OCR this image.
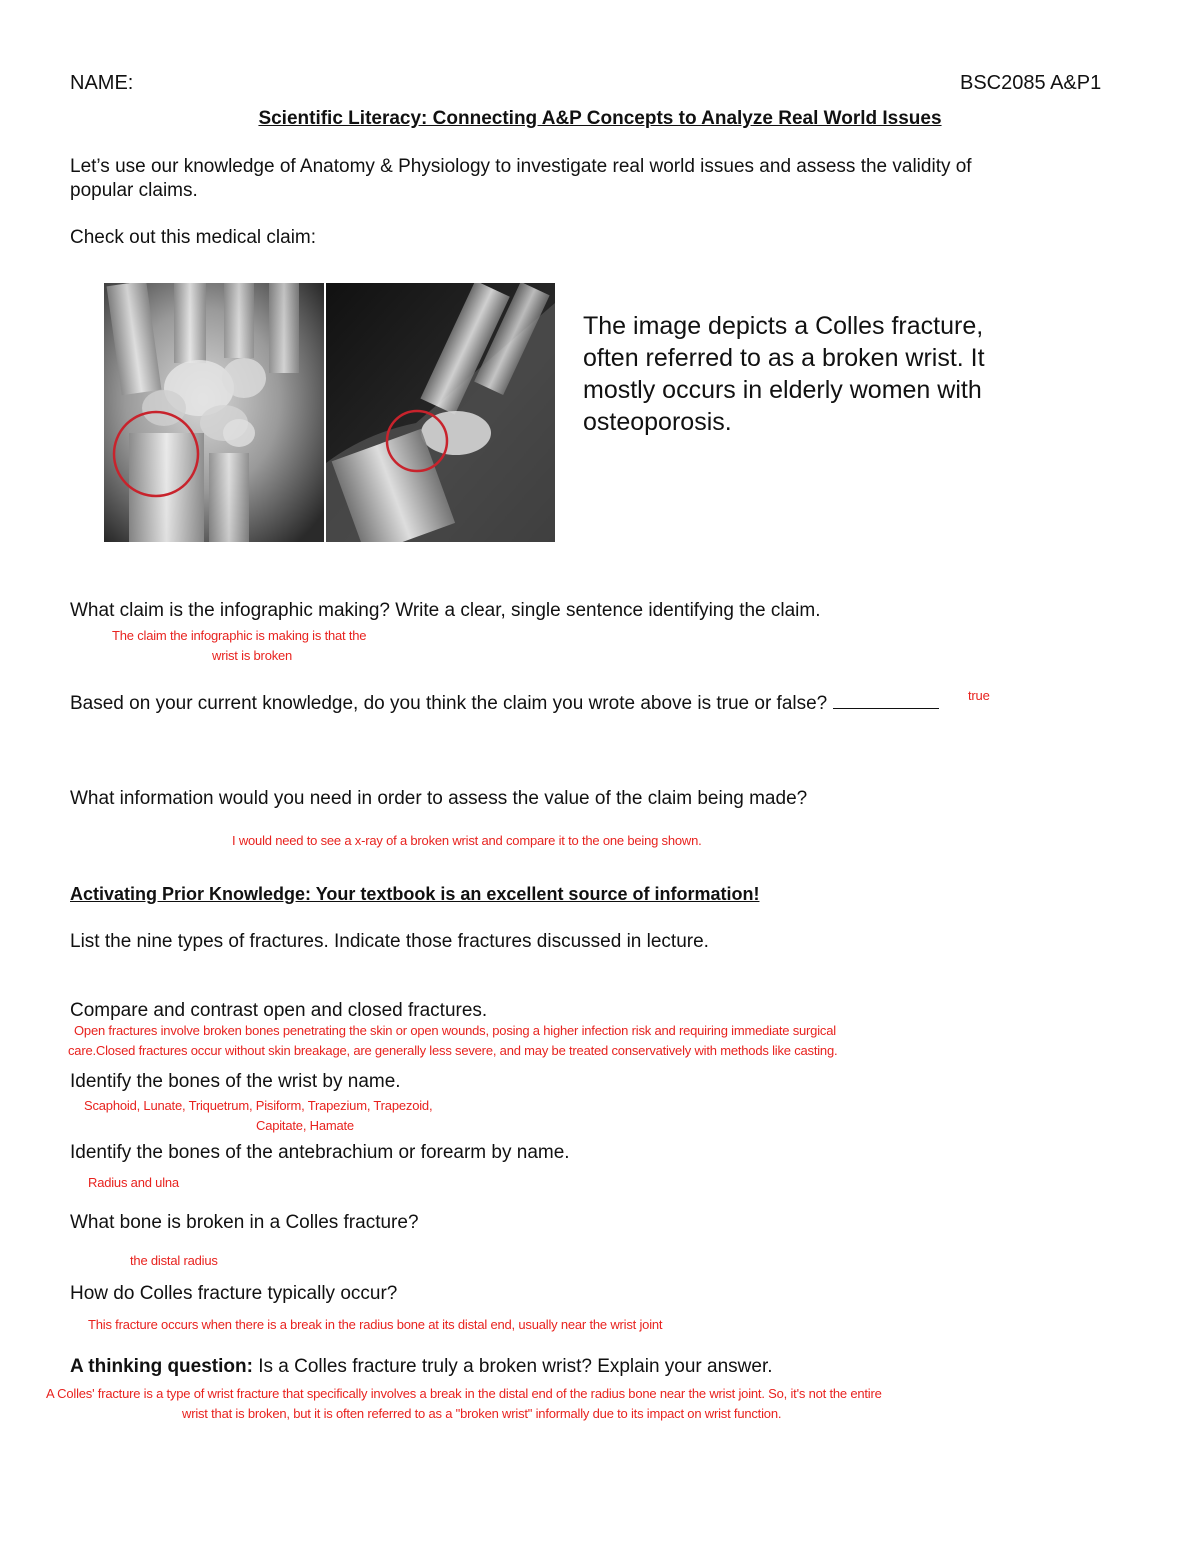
NAME:	BSC2085 A&P1
Scientific Literacy: Connecting A&P Concepts to Analyze Real World Issues
Let’s use our knowledge of Anatomy & Physiology to investigate real world issues and assess the validity of
popular claims.
Check out this medical claim:
The image depicts a Colles fracture, often referred to as a broken wrist. It mostly occurs in elderly women with osteoporosis.
What claim is the infographic making? Write a clear, single sentence identifying the claim.
The claim the infographic is making is that the
wrist is broken
Based on your current knowledge, do you think the claim you wrote above is true or false?	true
What information would you need in order to assess the value of the claim being made?
I would need to see a x-ray of a broken wrist and compare it to the one being shown.
Activating Prior Knowledge: Your textbook is an excellent source of information!
List the nine types of fractures. Indicate those fractures discussed in lecture.
Compare and contrast open and closed fractures.
Open fractures involve broken bones penetrating the skin or open wounds, posing a higher infection risk and requiring immediate surgical
care.Closed fractures occur without skin breakage, are generally less severe, and may be treated conservatively with methods like casting.
Identify the bones of the wrist by name.
Scaphoid, Lunate, Triquetrum, Pisiform, Trapezium, Trapezoid,
Capitate, Hamate
Identify the bones of the antebrachium or forearm by name.
Radius and ulna
What bone is broken in a Colles fracture?
the distal radius
How do Colles fracture typically occur?
This fracture occurs when there is a break in the radius bone at its distal end, usually near the wrist joint
A thinking question: Is a Colles fracture truly a broken wrist? Explain your answer.
A Colles' fracture is a type of wrist fracture that specifically involves a break in the distal end of the radius bone near the wrist joint. So, it's not the entire
wrist that is broken, but it is often referred to as a "broken wrist" informally due to its impact on wrist function.
